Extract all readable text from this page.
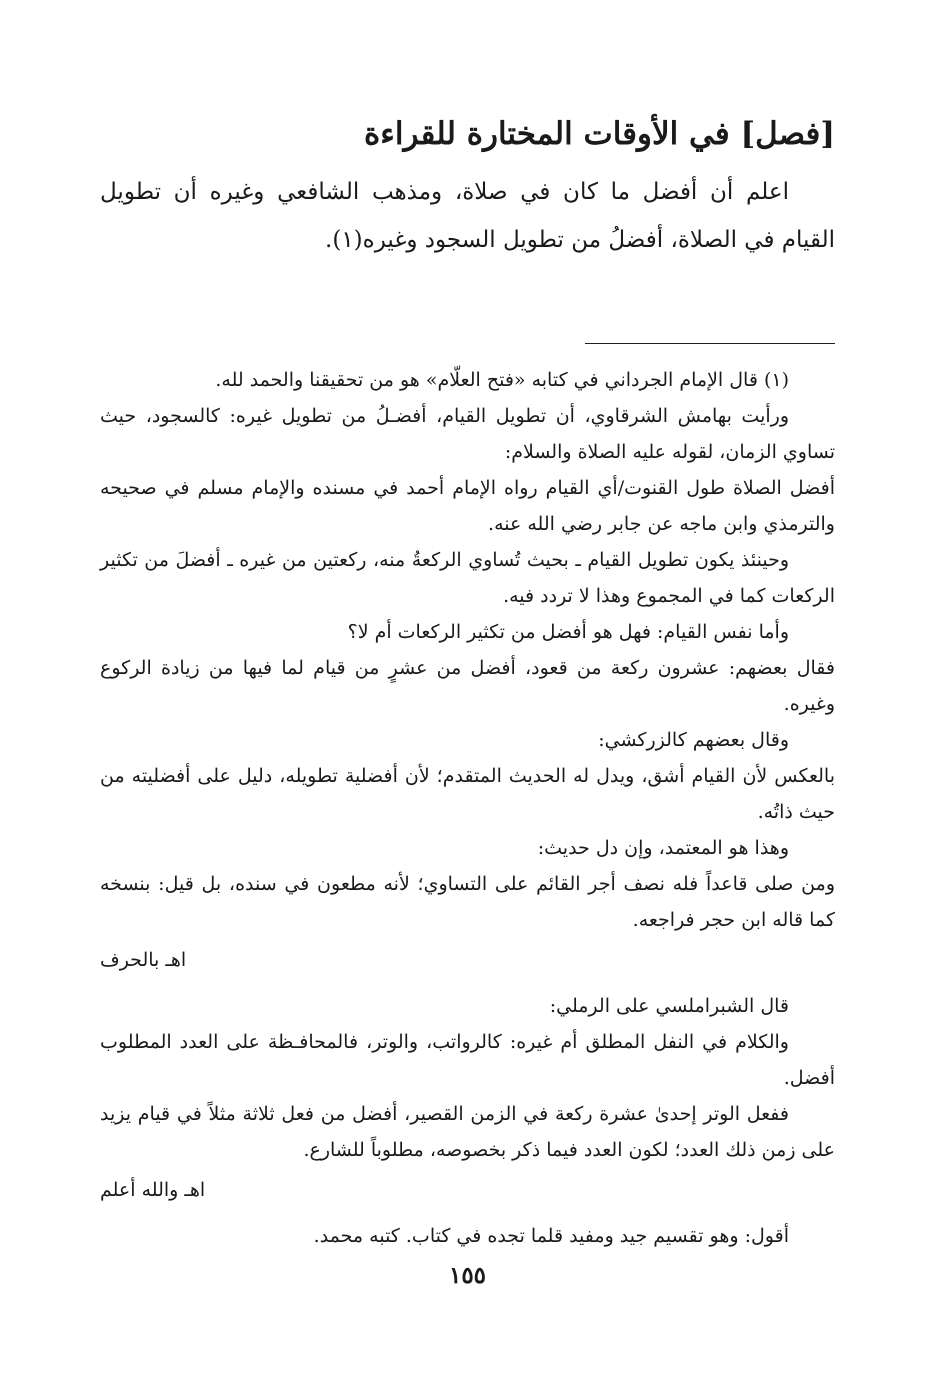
[فصل] في الأوقات المختارة للقراءة

اعلم أن أفضل ما كان في صلاة، ومذهب الشافعي وغيره أن تطويل القيام في الصلاة، أفضلُ من تطويل السجود وغيره(١).

(١) قال الإمام الجرداني في كتابه «فتح العلّام» هو من تحقيقنا والحمد لله.

ورأيت بهامش الشرقاوي، أن تطويل القيام، أفضـلُ من تطويل غيره: كالسجود، حيث تساوي الزمان، لقوله عليه الصلاة والسلام:

أفضل الصلاة طول القنوت/أي القيام رواه الإمام أحمد في مسنده والإمام مسلم في صحيحه والترمذي وابن ماجه عن جابر رضي الله عنه.

وحينئذ يكون تطويل القيام ـ بحيث تُساوي الركعةُ منه، ركعتين من غيره ـ أفضلَ من تكثير الركعات كما في المجموع وهذا لا تردد فيه.

وأما نفس القيام: فهل هو أفضل من تكثير الركعات أم لا؟

فقال بعضهم: عشرون ركعة من قعود، أفضل من عشرٍ من قيام لما فيها من زيادة الركوع وغيره.

وقال بعضهم كالزركشي:

بالعكس لأن القيام أشق، ويدل له الحديث المتقدم؛ لأن أفضلية تطويله، دليل على أفضليته من حيث ذاتُه.

وهذا هو المعتمد، وإن دل حديث:

ومن صلى قاعداً فله نصف أجر القائم على التساوي؛ لأنه مطعون في سنده، بل قيل: بنسخه كما قاله ابن حجر فراجعه.

اهـ بالحرف

قال الشبراملسي على الرملي:

والكلام في النفل المطلق أم غيره: كالرواتب، والوتر، فالمحافـظة على العدد المطلوب أفضل.

ففعل الوتر إحدىٰ عشرة ركعة في الزمن القصير، أفضل من فعل ثلاثة مثلاً في قيام يزيد على زمن ذلك العدد؛ لكون العدد فيما ذكر بخصوصه، مطلوباً للشارع.

اهـ والله أعلم

أقول: وهو تقسيم جيد ومفيد قلما تجده في كتاب. كتبه محمد.

١٥٥
